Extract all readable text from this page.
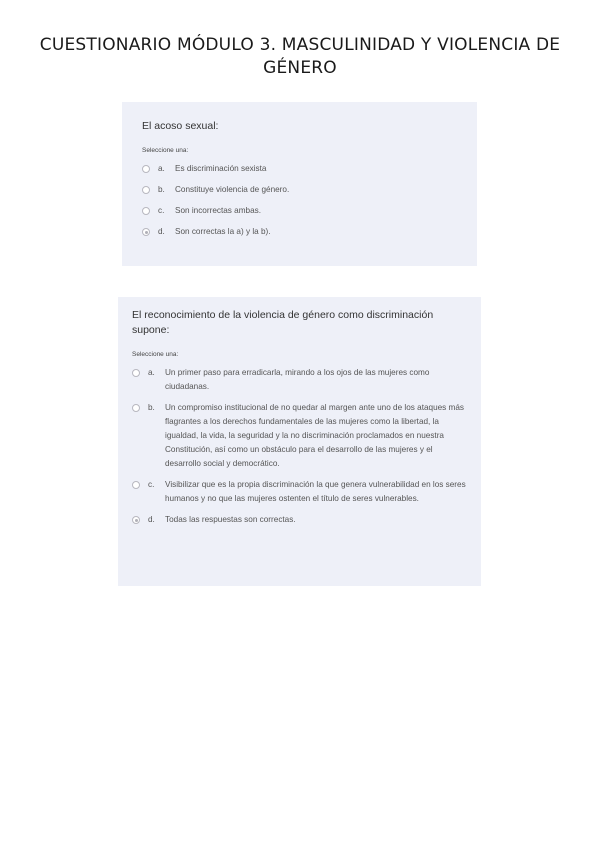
CUESTIONARIO MÓDULO 3. MASCULINIDAD Y VIOLENCIA DE GÉNERO

El acoso sexual:

Seleccione una:
a.	Es discriminación sexista
b.	Constituye violencia de género.
c.	Son incorrectas ambas.
d.	Son correctas la a) y la b).

El reconocimiento de la violencia de género como discriminación supone:

Seleccione una:
a.	Un primer paso para erradicarla, mirando a los ojos de las mujeres como ciudadanas.
b.	Un compromiso institucional de no quedar al margen ante uno de los ataques más flagrantes a los derechos fundamentales de las mujeres como la libertad, la igualdad, la vida, la seguridad y la no discriminación proclamados en nuestra Constitución, así como un obstáculo para el desarrollo de las mujeres y el desarrollo social y democrático.
c.	Visibilizar que es la propia discriminación la que genera vulnerabilidad en los seres humanos y no que las mujeres ostenten el título de seres vulnerables.
d.	Todas las respuestas son correctas.
